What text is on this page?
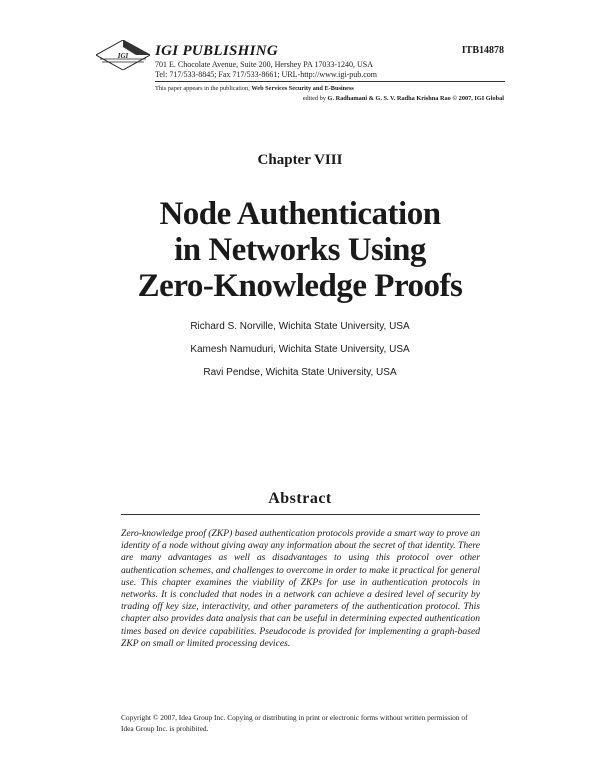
IGI IGI PUBLISHING	ITB14878
701 E. Chocolate Avenue, Suite 200, Hershey PA 17033-1240, USA
Tel: 717/533-8845; Fax 717/533-8661; URL-http://www.igi-pub.com
This paper appears in the publication, Web Services Security and E-Business
edited by G. Radhamani & G. S. V. Radha Krishna Rao © 2007, IGI Global
Chapter VIII
Node Authentication
in Networks Using
Zero-Knowledge Proofs
Richard S. Norville, Wichita State University, USA
Kamesh Namuduri, Wichita State University, USA
Ravi Pendse, Wichita State University, USA
Abstract
Zero-knowledge proof (ZKP) based authentication protocols provide a smart way to prove an identity of a node without giving away any information about the secret of that identity. There are many advantages as well as disadvantages to using this protocol over other authentication schemes, and challenges to overcome in order to make it practical for general use. This chapter examines the viability of ZKPs for use in authentication protocols in networks. It is concluded that nodes in a network can achieve a desired level of security by trading off key size, interactivity, and other parameters of the authentication protocol. This chapter also provides data analysis that can be useful in determining expected authentication times based on device capabilities. Pseudocode is provided for implementing a graph-based ZKP on small or limited processing devices.
Copyright © 2007, Idea Group Inc. Copying or distributing in print or electronic forms without written permission of Idea Group Inc. is prohibited.
